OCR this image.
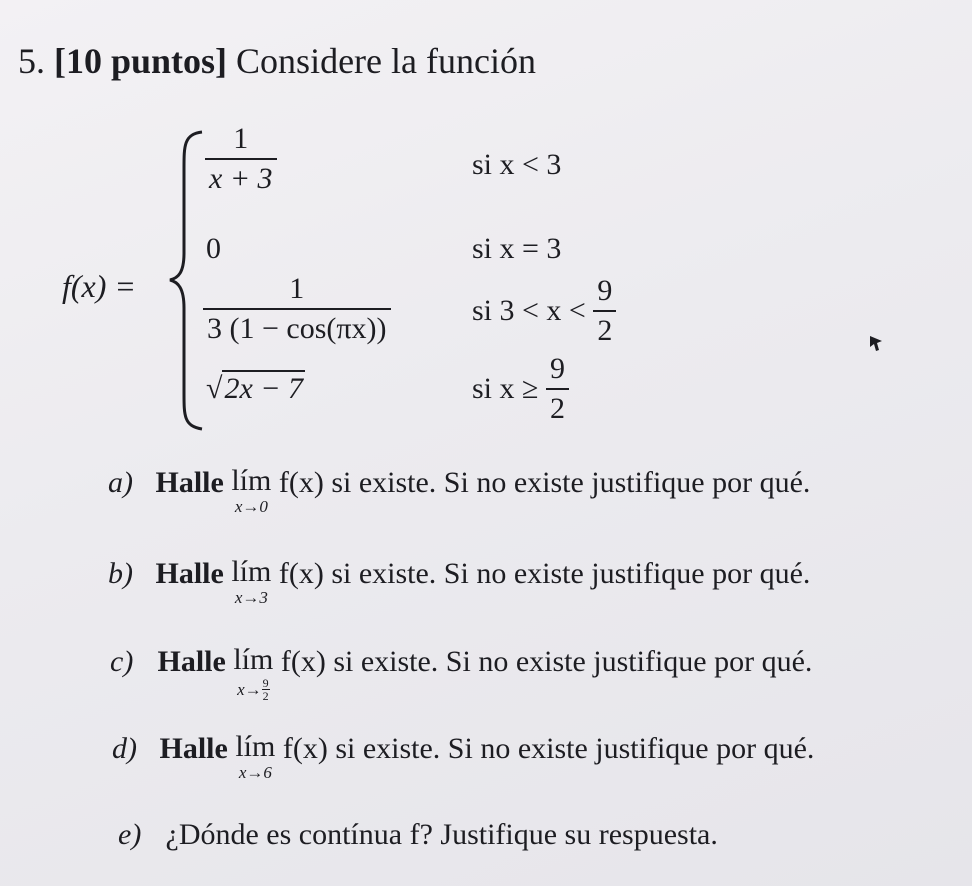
5. [10 puntos] Considere la función
f(x) =
$\frac{1}{x + 3}$	si x < 3
0	si x = 3
$\frac{1}{3 (1 - \cos(\pi x))}$	si $3 < x < \frac{9}{2}$
√2x − 7	si $x \ge \frac{9}{2}$
a) Halle lím
x→0
f(x) si existe. Si no existe justifique por qué.
b) Halle lím
x→3
f(x) si existe. Si no existe justifique por qué.
c) Halle lím
$x\to \frac{9}{2}$
f(x) si existe. Si no existe justifique por qué.
d) Halle lím
x→6
f(x) si existe. Si no existe justifique por qué.
e) ¿Dónde es contínua f? Justifique su respuesta.
